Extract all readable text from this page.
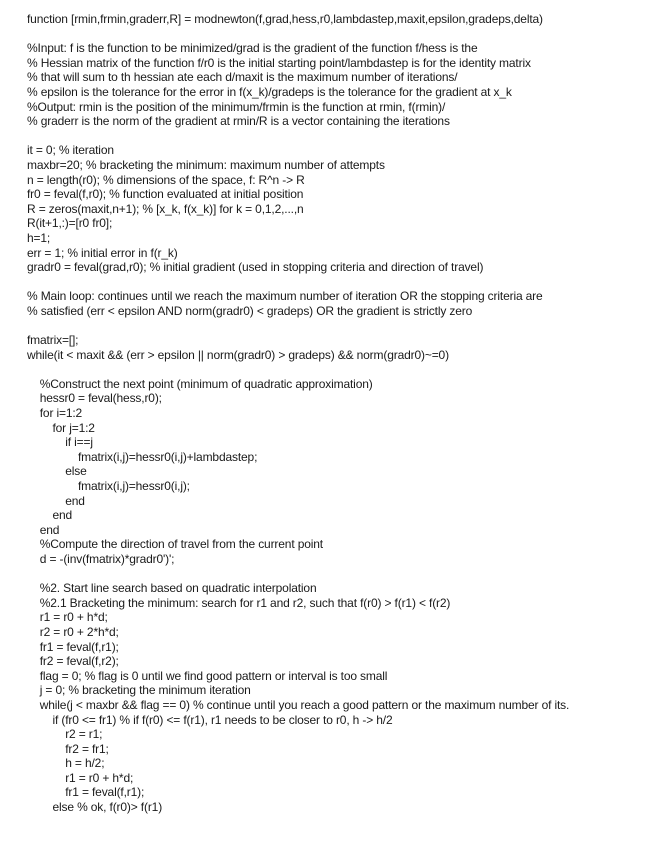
function [rmin,frmin,graderr,R] = modnewton(f,grad,hess,r0,lambdastep,maxit,epsilon,gradeps,delta)
%Input: f is the function to be minimized/grad is the gradient of the function f/hess is the
% Hessian matrix of the function f/r0 is the initial starting point/lambdastep is for the identity matrix
% that will sum to th hessian ate each d/maxit is the maximum number of iterations/
% epsilon is the tolerance for the error in f(x_k)/gradeps is the tolerance for the gradient at x_k
%Output: rmin is the position of the minimum/frmin is the function at rmin, f(rmin)/
% graderr is the norm of the gradient at rmin/R is a vector containing the iterations
it = 0; % iteration
maxbr=20; % bracketing the minimum: maximum number of attempts
n = length(r0); % dimensions of the space, f: R^n -> R
fr0 = feval(f,r0); % function evaluated at initial position
R = zeros(maxit,n+1); % [x_k, f(x_k)] for k = 0,1,2,...,n
R(it+1,:)=[r0 fr0];
h=1;
err = 1; % initial error in f(r_k)
gradr0 = feval(grad,r0); % initial gradient (used in stopping criteria and direction of travel)
% Main loop: continues until we reach the maximum number of iteration OR the stopping criteria are
% satisfied (err < epsilon AND norm(gradr0) < gradeps) OR the gradient is strictly zero
fmatrix=[];
while(it < maxit && (err > epsilon || norm(gradr0) > gradeps) && norm(gradr0)~=0)
%Construct the next point (minimum of quadratic approximation)
hessr0 = feval(hess,r0);
for i=1:2
for j=1:2
if i==j
fmatrix(i,j)=hessr0(i,j)+lambdastep;
else
fmatrix(i,j)=hessr0(i,j);
end
end
end
%Compute the direction of travel from the current point
d = -(inv(fmatrix)*gradr0')';
%2. Start line search based on quadratic interpolation
%2.1 Bracketing the minimum: search for r1 and r2, such that f(r0) > f(r1) < f(r2)
r1 = r0 + h*d;
r2 = r0 + 2*h*d;
fr1 = feval(f,r1);
fr2 = feval(f,r2);
flag = 0; % flag is 0 until we find good pattern or interval is too small
j = 0; % bracketing the minimum iteration
while(j < maxbr && flag == 0) % continue until you reach a good pattern or the maximum number of its.
if (fr0 <= fr1) % if f(r0) <= f(r1), r1 needs to be closer to r0, h -> h/2
r2 = r1;
fr2 = fr1;
h = h/2;
r1 = r0 + h*d;
fr1 = feval(f,r1);
else % ok, f(r0)> f(r1)
